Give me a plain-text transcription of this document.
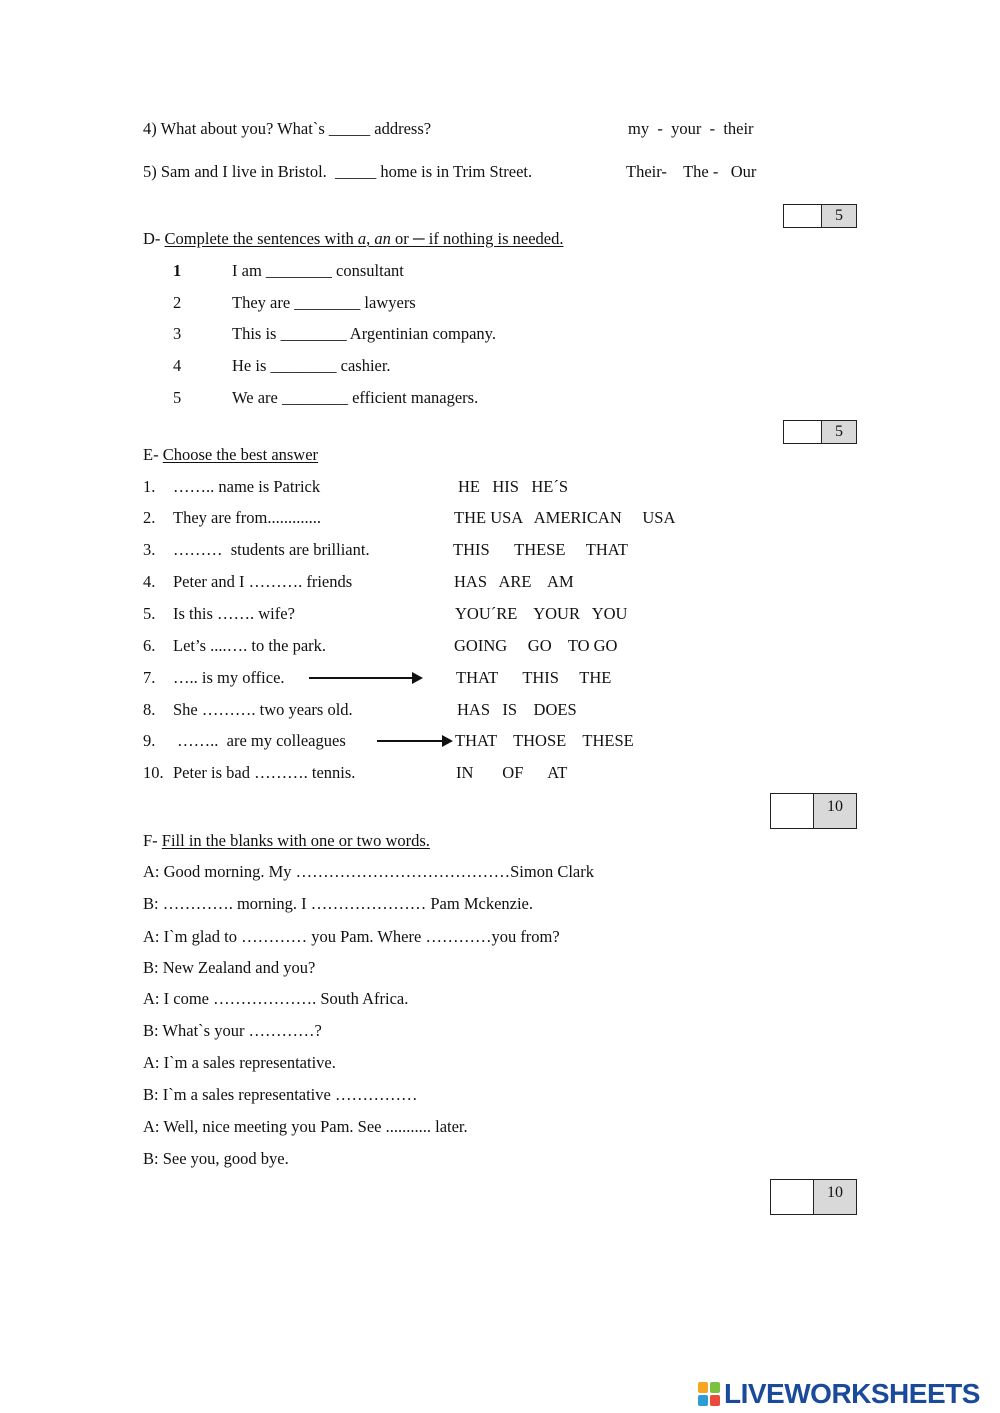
4) What about you? What`s _____ address?	my  -  your  -  their
5) Sam and I live in Bristol.  _____ home is in Trim Street.	Their-    The -   Our
5
D- Complete the sentences with a, an or ─ if nothing is needed.
1	I am ________ consultant
2	They are ________ lawyers
3	This is ________ Argentinian company.
4	He is ________ cashier.
5	We are ________ efficient managers.
5
E- Choose the best answer
1. …….. name is Patrick	HE   HIS   HE´S
2. They are from.............	THE USA   AMERICAN     USA
3. ………  students are brilliant.	THIS      THESE     THAT
4. Peter and I ………. friends	HAS   ARE    AM
5. Is this ……. wife?	YOU´RE    YOUR   YOU
6. Let’s ....…. to the park.	GOING     GO    TO GO
7. ….. is my office.	THAT      THIS     THE
8. She ………. two years old.	HAS   IS    DOES
9. ……..  are my colleagues	THAT    THOSE    THESE
10. Peter is bad ………. tennis.	IN       OF      AT
10
F- Fill in the blanks with one or two words.
A: Good morning. My …………………………………Simon Clark
B: …………. morning. I ………………… Pam Mckenzie.
A: I`m glad to ………… you Pam. Where …………you from?
B: New Zealand and you?
A: I come ………………. South Africa.
B: What`s your …………?
A: I`m a sales representative.
B: I`m a sales representative ……………
A: Well, nice meeting you Pam. See ........... later.
B: See you, good bye.
10
LIVEWORKSHEETS
